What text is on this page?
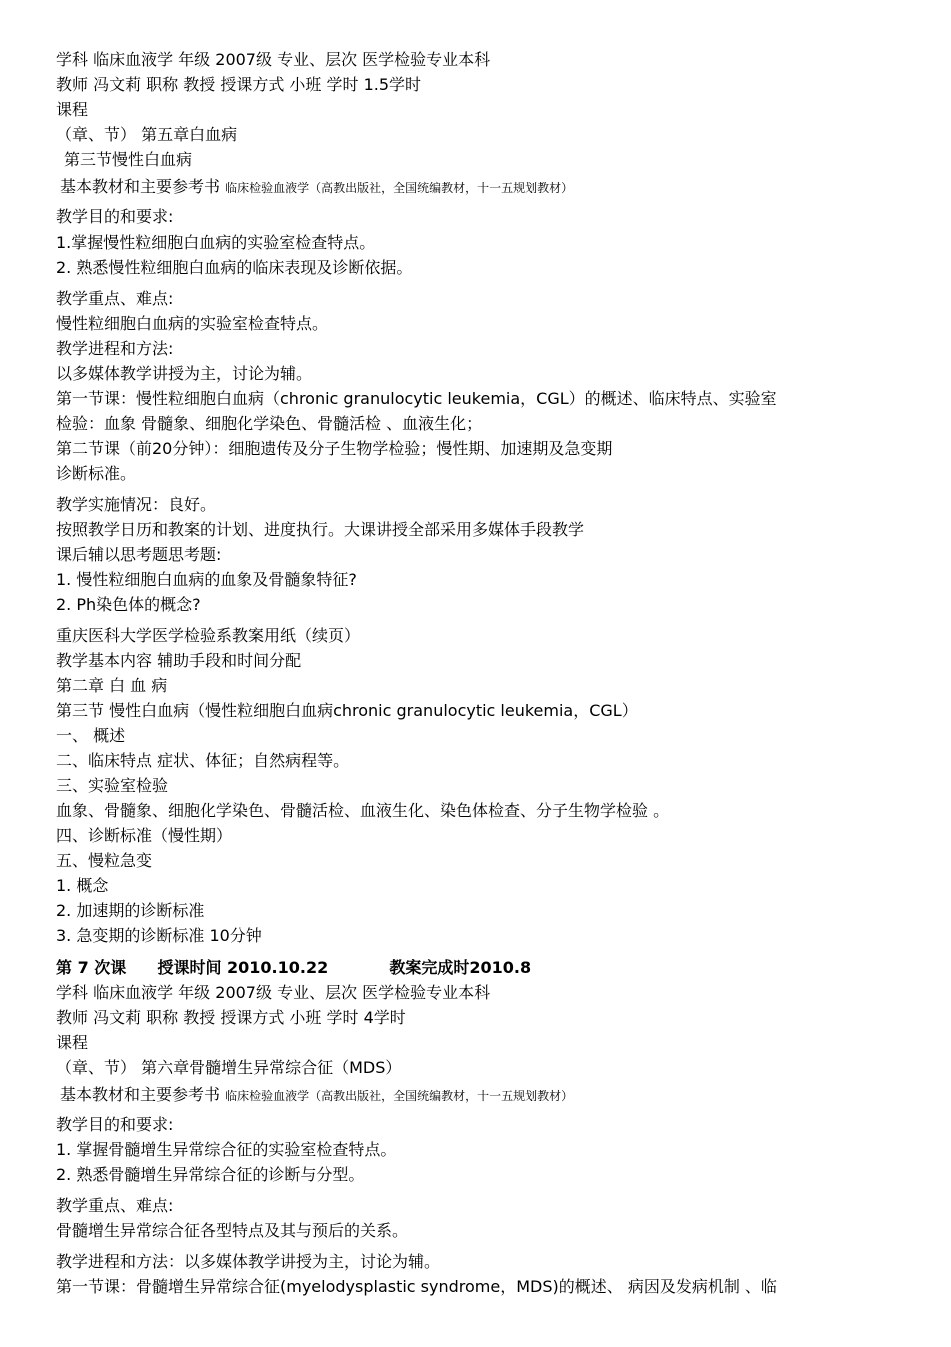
学科 临床血液学 年级 2007级 专业、层次 医学检验专业本科
教师 冯文莉 职称 教授 授课方式 小班 学时 1.5学时
课程
（章、节） 第五章白血病
第三节慢性白血病
基本教材和主要参考书 临床检验血液学（高教出版社，全国统编教材，十一五规划教材）
教学目的和要求:
1.掌握慢性粒细胞白血病的实验室检查特点。
2. 熟悉慢性粒细胞白血病的临床表现及诊断依据。
教学重点、难点:
慢性粒细胞白血病的实验室检查特点。
教学进程和方法:
以多媒体教学讲授为主，讨论为辅。
第一节课：慢性粒细胞白血病（chronic granulocytic leukemia，CGL）的概述、临床特点、实验室
检验：血象 骨髓象、细胞化学染色、骨髓活检 、血液生化；
第二节课（前20分钟）：细胞遗传及分子生物学检验；慢性期、加速期及急变期
诊断标准。
教学实施情况：良好。
按照教学日历和教案的计划、进度执行。大课讲授全部采用多媒体手段教学
课后辅以思考题思考题:
1. 慢性粒细胞白血病的血象及骨髓象特征?
2. Ph染色体的概念?
重庆医科大学医学检验系教案用纸（续页）
教学基本内容 辅助手段和时间分配
第二章 白 血 病
第三节 慢性白血病（慢性粒细胞白血病chronic granulocytic leukemia，CGL）
一、 概述
二、临床特点 症状、体征；自然病程等。
三、实验室检验
血象、骨髓象、细胞化学染色、骨髓活检、血液生化、染色体检查、分子生物学检验 。
四、诊断标准（慢性期）
五、慢粒急变
1. 概念
2. 加速期的诊断标准
3. 急变期的诊断标准 10分钟
第 7 次课 授课时间 2010.10.22	教案完成时2010.8
学科 临床血液学 年级 2007级 专业、层次 医学检验专业本科
教师 冯文莉 职称 教授 授课方式 小班 学时 4学时
课程
（章、节） 第六章骨髓增生异常综合征（MDS）
基本教材和主要参考书 临床检验血液学（高教出版社，全国统编教材，十一五规划教材）
教学目的和要求:
1. 掌握骨髓增生异常综合征的实验室检查特点。
2. 熟悉骨髓增生异常综合征的诊断与分型。
教学重点、难点:
骨髓增生异常综合征各型特点及其与预后的关系。
教学进程和方法：以多媒体教学讲授为主，讨论为辅。
第一节课：骨髓增生异常综合征(myelodysplastic syndrome，MDS)的概述、 病因及发病机制 、临
